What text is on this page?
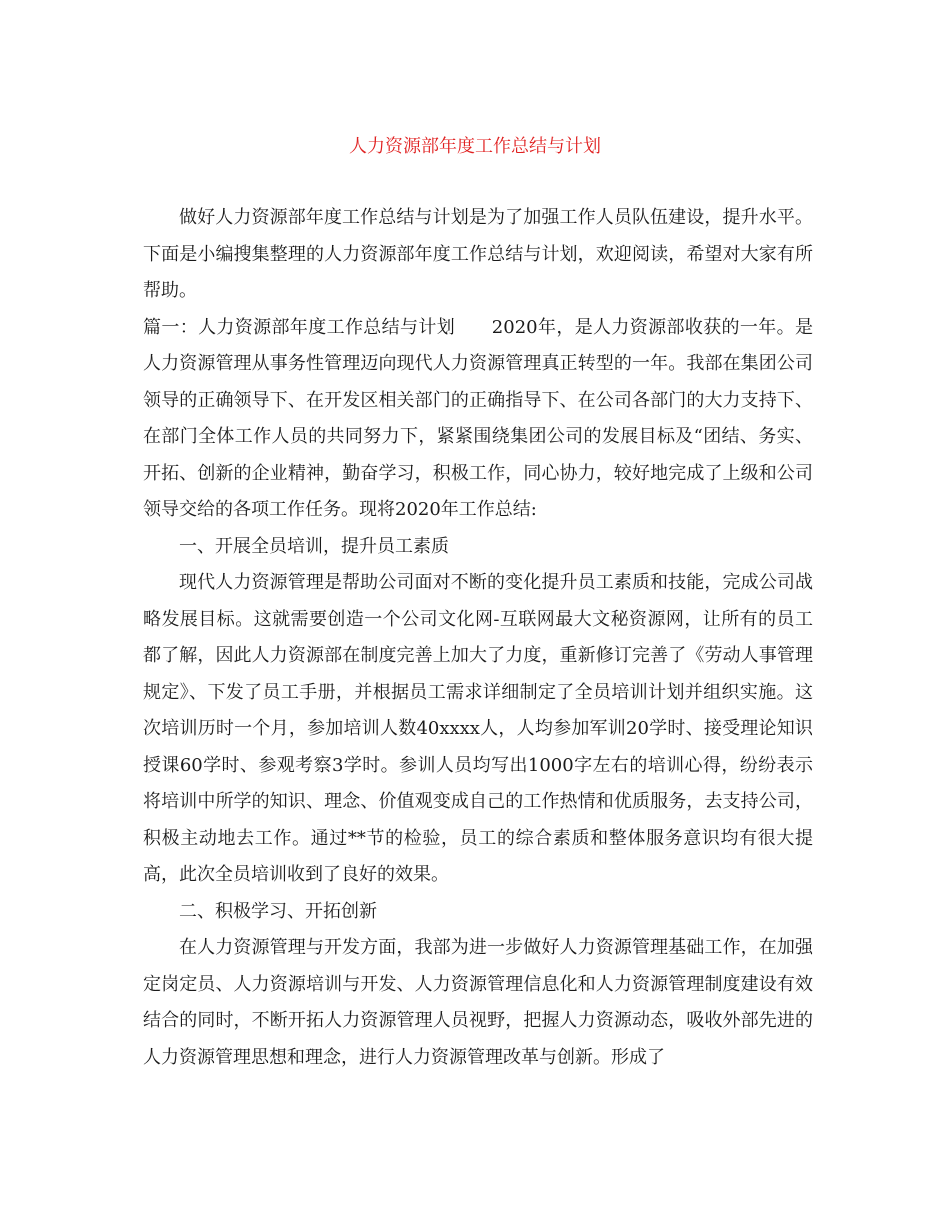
人力资源部年度工作总结与计划

做好人力资源部年度工作总结与计划是为了加强工作人员队伍建设，提升水平。下面是小编搜集整理的人力资源部年度工作总结与计划，欢迎阅读，希望对大家有所帮助。

篇一：人力资源部年度工作总结与计划　　2020年，是人力资源部收获的一年。是人力资源管理从事务性管理迈向现代人力资源管理真正转型的一年。我部在集团公司领导的正确领导下、在开发区相关部门的正确指导下、在公司各部门的大力支持下、在部门全体工作人员的共同努力下，紧紧围绕集团公司的发展目标及“团结、务实、开拓、创新的企业精神，勤奋学习，积极工作，同心协力，较好地完成了上级和公司领导交给的各项工作任务。现将2020年工作总结:

一、开展全员培训，提升员工素质

现代人力资源管理是帮助公司面对不断的变化提升员工素质和技能，完成公司战略发展目标。这就需要创造一个公司文化网-互联网最大文秘资源网，让所有的员工都了解，因此人力资源部在制度完善上加大了力度，重新修订完善了《劳动人事管理规定》、下发了员工手册，并根据员工需求详细制定了全员培训计划并组织实施。这次培训历时一个月，参加培训人数40xxxx人，人均参加军训20学时、接受理论知识授课60学时、参观考察3学时。参训人员均写出1000字左右的培训心得，纷纷表示将培训中所学的知识、理念、价值观变成自己的工作热情和优质服务，去支持公司，积极主动地去工作。通过**节的检验，员工的综合素质和整体服务意识均有很大提高，此次全员培训收到了良好的效果。

二、积极学习、开拓创新

在人力资源管理与开发方面，我部为进一步做好人力资源管理基础工作，在加强定岗定员、人力资源培训与开发、人力资源管理信息化和人力资源管理制度建设有效结合的同时，不断开拓人力资源管理人员视野，把握人力资源动态，吸收外部先进的人力资源管理思想和理念，进行人力资源管理改革与创新。形成了
